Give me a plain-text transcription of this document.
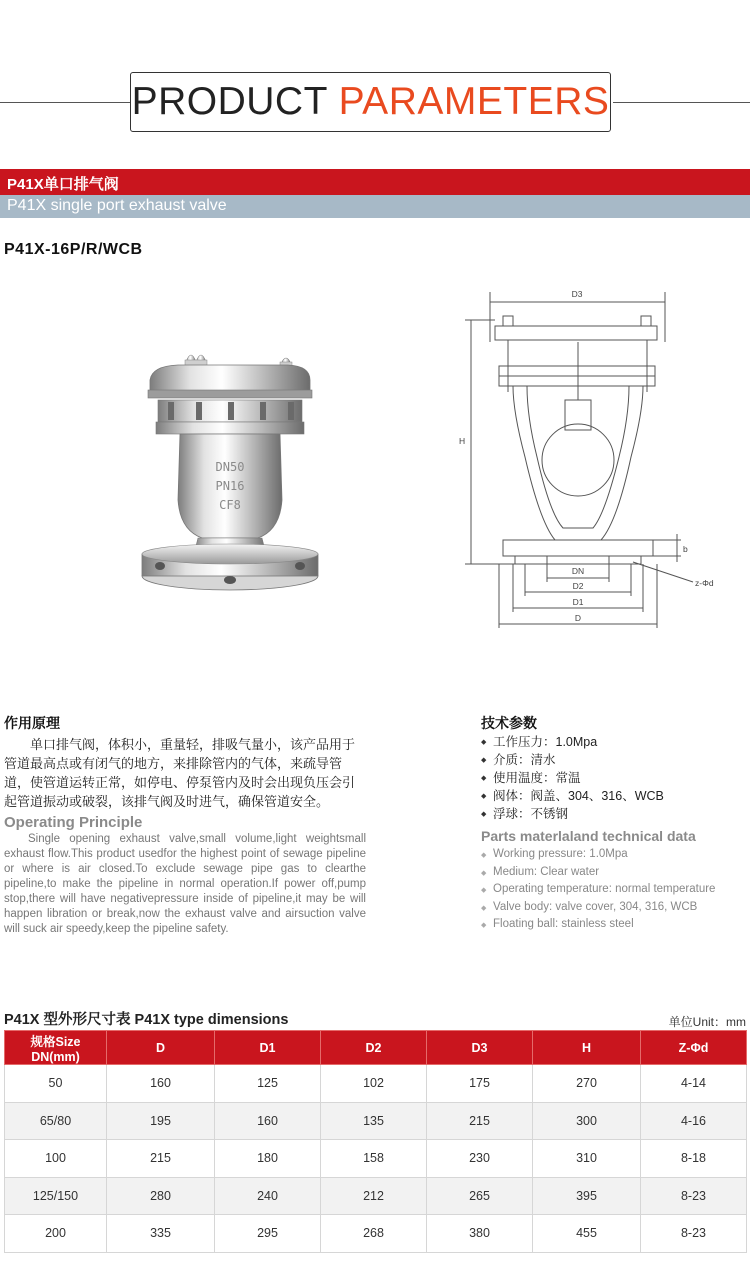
PRODUCT PARAMETERS
P41X单口排气阀
P41X single port exhaust valve
P41X-16P/R/WCB
DN50
PN16
CF8
D3
H
DN
D2
D1
D
b
z-Φd
作用原理
单口排气阀，体积小，重量轻，排吸气量小，该产品用于管道最高点或有闭气的地方，来排除管内的气体，来疏导管道，使管道运转正常，如停电、停泵管内及时会出现负压会引起管道振动或破裂，该排气阀及时进气，确保管道安全。
Operating Principle
Single opening exhaust valve,small volume,light weightsmall exhaust flow.This product usedfor the highest point of sewage pipeline or where is air closed.To exclude sewage pipe gas to clearthe pipeline,to make the pipeline in normal operation.If power off,pump stop,there will have negativepressure inside of pipeline,it may be will happen libration or break,now the exhaust valve and airsuction valve will suck air speedy,keep the pipeline safety.
技术参数
◆ 工作压力：1.0Mpa
◆ 介质：清水
◆ 使用温度：常温
◆ 阀体：阀盖、304、316、WCB
◆ 浮球：不锈钢
Parts materlaland technical data
◆ Working pressure: 1.0Mpa
◆ Medium: Clear water
◆ Operating temperature: normal temperature
◆ Valve body: valve cover, 304, 316, WCB
◆ Floating ball: stainless steel
P41X 型外形尺寸表 P41X type dimensions	单位Unit：mm
规格Size DN(mm)	D	D1	D2	D3	H	Z-Φd
50	160	125	102	175	270	4-14
65/80	195	160	135	215	300	4-16
100	215	180	158	230	310	8-18
125/150	280	240	212	265	395	8-23
200	335	295	268	380	455	8-23
